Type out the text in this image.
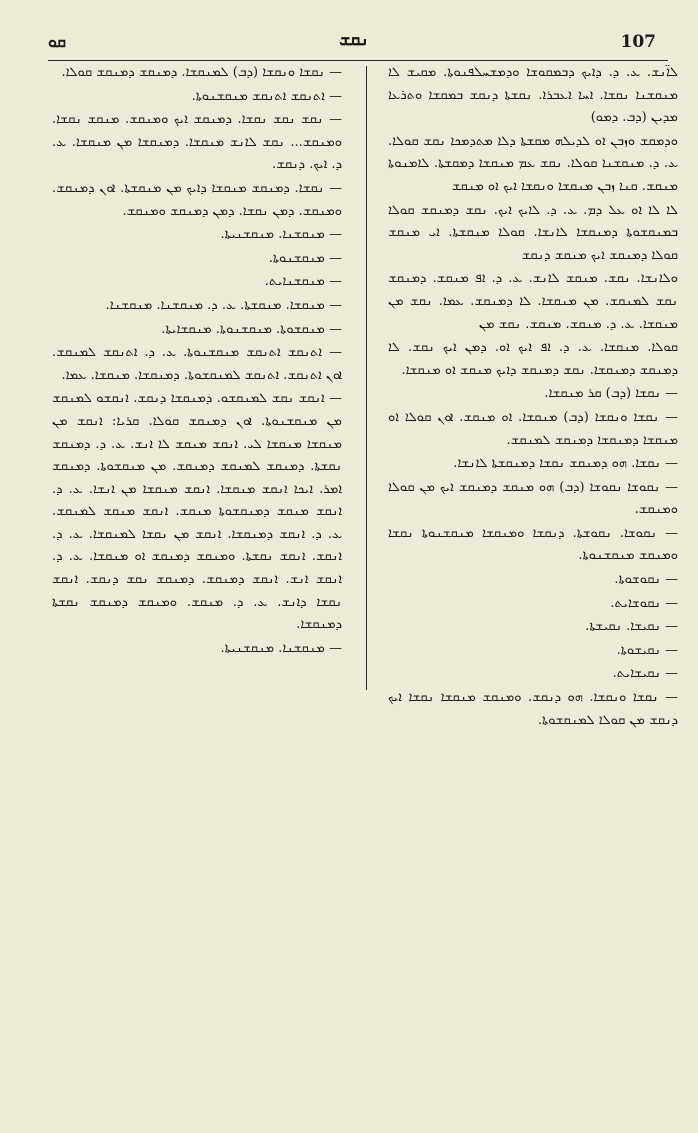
ܩܘ	ܢܩܫ	107

ܠܐ̈ܢܫ. ܥ. ܕ. ܕܐܝܟ ܕܒܡܩܘܫܐ ܘܕܡܫܚܠܦܢܘܬܐ. ܡܩܝܫ ܠܐ ܡܢܩܫܢܐ ܢܩܫܐ. ܐܚܐ ܐܥܒܪܐ. ܢܩܫܬܐ ܕܢܩܫ ܒܡܩܫܐ ܘܬܪܥܐ ܡܕܝܢ (ܕܒ. ܕܡܘ)

ܘܕܡܩܫ ܘܙܒܢ ܐܘ ܠܕܝܠܗ ܡܩܫܬܐ ܕܠܐ ܡܬܕܡܟܐ ܢܩܫ ܩܘܠܐ. ܥ. ܕ. ܡܢܩܫܢܐ ܩܘܠܐ. ܢܩܫ ܥܡ ܡܢܩܫܐ ܕܡܩܫܬܐ. ܠܐܡܢܘܬܐ ܡܢܩܫ. ܩܢܐ ܙܒܢ ܡܢܩܫܐ ܘܢܩܫܐ ܐܝܟ ܐܘ ܡܢܩܫ

ܠܐ ܠܐ ܐܘ ܥܠ ܕܡ. ܥ. ܕ. ܠܐܝܟ ܐܝܟ. ܢܩܫ ܕܡܢܩܫ ܩܘܠܐ ܒܡܢܩܫܘܬܐ ܕܡܢܩܫܐ ܠܐܢܫܐ. ܩܘܠܐ ܡܢܩܫܬܐ. ܐܝ ܡܢܩܫ ܩܘܠܐ ܕܡܢܩܫ ܐܝܟ ܡܢܩܫ ܕܢܩܫ

ܘܠܐܢܫܐ. ܢܩܫ. ܡܢܩܫ ܠܐܢܫ. ܥ. ܕ. ܐܦ ܡܢܩܫ. ܕܡܢܩܫ ܢܩܫ ܠܡܢܩܫ. ܡܢ ܡܢܩܫܐ. ܠܐ ܕܡܢܩܫ. ܥܡܐ. ܢܩܫ ܡܢ ܡܢܩܫܐ. ܥ. ܕ. ܡܢܩܫ. ܡܢܩܫ. ܢܩܫ ܡܢ

ܩܘܠܐ. ܡܢܩܫܐ. ܥ. ܕ. ܐܦ ܐܝܟ ܐܘ. ܕܡܢ ܐܝܟ ܢܩܫ. ܠܐ ܕܡܢܩܫ ܕܡܢܩܫܐ. ܢܩܫ ܕܡܢܩܫ ܕܐܝܟ ܡܢܩܫ ܐܘ ܡܢܩܫܐ.

— ܢܩܫܐ (ܕܒ) ܩܪ ܡܢܩܫܐ.

— ܢܩܫܐ ܘܢܩܫܐ (ܕܒ) ܡܢܩܫܐ. ܐܘ ܡܢܩܫ. ܐܘܢ ܩܘܠܐ ܐܘ ܡܢܩܫܐ ܕܡܢܩܫܐ ܕܡܢܩܫ ܠܡܢܩܫ.

— ܢܩܫܐ. ܗܘ ܕܡܢܩܫ ܢܩܫܐ ܕܡܢܩܫܬܐ ܠܐܢܫܐ.

— ܢܩܘܫܐ ܢܩܘܫܐ (ܕܒ) ܗܘ ܡܢܩܫ ܕܡܢܩܫ ܐܝܟ ܡܢ ܩܘܠܐ ܘܡܢܩܫ.

— ܢܩܘܫܐ. ܢܩܘܫܬܐ. ܕܢܩܫܐ ܘܡܢܩܫܐ ܡܢܩܫܢܘܬܐ ܢܩܫܐ ܘܡܢܩܫ ܡܢܩܫܢܘܬܐ.

— ܢܩܘܫܘܬܐ.

— ܢܩܘܫܐܝܬ.

— ܢܩܝܫܐ. ܢܩܝܫܬܐ.

— ܢܩܝܫܘܬܐ.

— ܢܩܝܫܐܝܬ.

— ܢܩܫܐ ܘܢܩܫܐ. ܗܘ ܕܢܩܫ. ܘܡܢܩܫ ܡܢܩܫܐ ܢܩܫܐ ܐܝܟ ܕܢܩܫ ܡܢ ܩܘܠܐ ܠܡܢܩܫܘܬܐ.

— ܢܩܫܐ ܘܢܩܫܐ (ܕܒ) ܠܡܢܩܫܐ. ܕܡܢܩܫ ܕܡܢܩܫ ܩܘܠܐ.

— ܐܬܢܩܫ ܐܬܢܩܫ ܡܢܩܫܢܘܬܐ.

— ܢܩܫ ܢܩܫ ܢܩܫܐ. ܕܡܢܩܫ ܐܝܟ ܘܡܢܩܫ. ܡܢܩܫ ܢܩܫܐ. ܘܡܢܩܫ... ܢܩܫ ܠܐܢܫ ܡܢܩܫܐ. ܕܡܢܩܫܐ ܡܢ ܡܢܩܫܐ. ܥ. ܕ. ܐܝܟ. ܕܢܩܫ.

— ܢܩܫܐ. ܕܡܢܩܫ ܡܢܩܫܐ ܕܐܝܟ ܡܢ ܡܢܩܫܬܐ. ܐܘܢ ܕܡܢܩܫ. ܘܡܢܩܫ. ܕܡܢ ܢܩܫܐ. ܕܡܢ ܕܡܢܩܫ ܘܡܢܩܫ.

— ܡܢܩܫܢܐ. ܡܢܩܫܢܝܬܐ.

— ܡܢܩܫܢܘܬܐ.

— ܡܢܩܫܢܐܝܬ.

— ܡܢܩܫܐ. ܡܢܩܫܬܐ. ܥ. ܕ. ܡܢܩܫܢܐ. ܡܢܩܫܢܐ.

— ܡܢܩܫܘܬܐ. ܡܢܩܫܢܘܬܐ. ܡܢܩܫܐܝܬܐ.

— ܐܬܢܩܫ ܐܬܢܩܫ ܡܢܩܫܢܘܬܐ. ܥ. ܕ. ܐܬܢܩܫ ܠܡܢܩܫ. ܐܘܢ ܐܬܢܩܫ. ܐܬܢܩܫ ܠܡܢܩܫܘܬܐ. ܕܡܢܩܫܐ. ܡܢܩܫܐ. ܥܡܐ.

— ܐܢܩܫ ܢܩܫ ܠܡܢܩܫܘ. ܕܡܢܩܫܐ ܕܢܩܫ. ܐܢܩܫܘ ܠܡܢܩܫ ܡܢ ܡܢܩܫܢܘܬܐ. ܐܘܢ ܕܡܢܩܫ ܩܘܠܐ. ܩܪܝܐ: ܐܢܩܫ ܡܢ ܡܢܩܫܐ ܡܢܩܫܐ ܠܝ. ܐܢܩܫ ܡܢܩܫ ܠܐ ܐܢܫ. ܥ. ܕ. ܕܡܢܩܫ ܢܩܫܬܐ. ܕܡܢܩܫ ܠܡܢܩܫ ܕܡܢܩܫ. ܡܢ ܡܢܩܫܘܬܐ. ܕܡܢܩܫ ܐܡܪ. ܐܝܟܐ ܐܢܩܫ ܡܢܩܫܐ. ܐܢܩܫ ܡܢܩܫܐ ܡܢ ܐܢܫܐ. ܥ. ܕ. ܐܢܩܫ ܡܢܩܫ ܕܡܢܩܫܘܬܐ ܡܢܩܫ. ܐܢܩܫ ܡܢܩܫ ܠܡܢܩܫ. ܥ. ܕ. ܐܢܩܫ ܕܡܢܩܫܐ. ܐܢܩܫ ܡܢ ܢܩܫܐ ܠܡܢܩܫܐ. ܥ. ܕ. ܐܢܩܫ. ܐܢܩܫ ܢܩܫܬܐ. ܘܡܢܩܫ ܕܡܢܩܫ ܐܘ ܡܢܩܫܐ. ܥ. ܕ. ܐܢܩܫ ܐܢܫ. ܐܢܩܫ ܕܡܢܩܫ. ܕܡܢܩܫ ܢܩܫ ܕܢܩܫ. ܐܢܩܫ ܢܩܫܐ ܕܐܢܫ. ܥ. ܕ. ܡܢܩܫ. ܘܡܢܩܫ ܕܡܢܩܫ ܢܩܫܬܐ ܕܡܢܩܫܐ.

— ܡܢܩܫܢܐ. ܡܢܩܫܢܝܬܐ.
